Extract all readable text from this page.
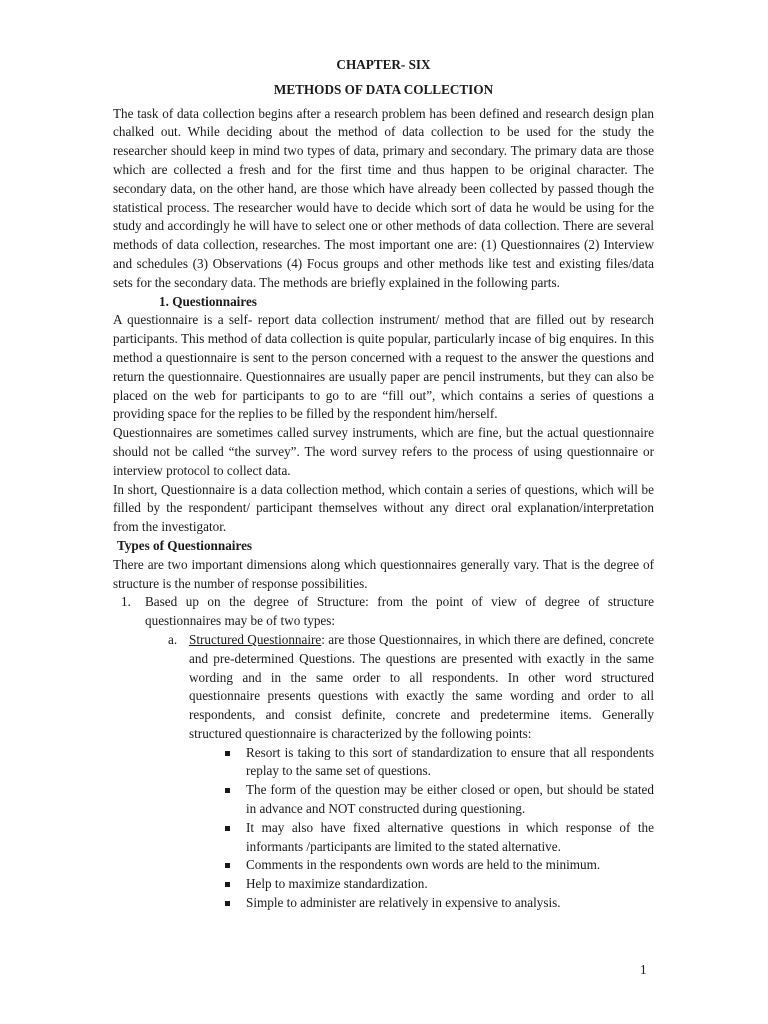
CHAPTER- SIX
METHODS OF DATA COLLECTION

The task of data collection begins after a research problem has been defined and research design plan chalked out. While deciding about the method of data collection to be used for the study the researcher should keep in mind two types of data, primary and secondary. The primary data are those which are collected a fresh and for the first time and thus happen to be original character. The secondary data, on the other hand, are those which have already been collected by passed though the statistical process. The researcher would have to decide which sort of data he would be using for the study and accordingly he will have to select one or other methods of data collection. There are several methods of data collection, researches. The most important one are: (1) Questionnaires (2) Interview and schedules (3) Observations (4) Focus groups and other methods like test and existing files/data sets for the secondary data. The methods are briefly explained in the following parts.

1. Questionnaires

A questionnaire is a self- report data collection instrument/ method that are filled out by research participants. This method of data collection is quite popular, particularly incase of big enquires. In this method a questionnaire is sent to the person concerned with a request to the answer the questions and return the questionnaire. Questionnaires are usually paper are pencil instruments, but they can also be placed on the web for participants to go to are “fill out”, which contains a series of questions a providing space for the replies to be filled by the respondent him/herself.

Questionnaires are sometimes called survey instruments, which are fine, but the actual questionnaire should not be called “the survey”. The word survey refers to the process of using questionnaire or interview protocol to collect data.

In short, Questionnaire is a data collection method, which contain a series of questions, which will be filled by the respondent/ participant themselves without any direct oral explanation/interpretation from the investigator.

Types of Questionnaires

There are two important dimensions along which questionnaires generally vary. That is the degree of structure is the number of response possibilities.

1. Based up on the degree of Structure: from the point of view of degree of structure questionnaires may be of two types:
a. Structured Questionnaire: are those Questionnaires, in which there are defined, concrete and pre-determined Questions. The questions are presented with exactly in the same wording and in the same order to all respondents. In other word structured questionnaire presents questions with exactly the same wording and order to all respondents, and consist definite, concrete and predetermine items. Generally structured questionnaire is characterized by the following points:
Resort is taking to this sort of standardization to ensure that all respondents replay to the same set of questions.
The form of the question may be either closed or open, but should be stated in advance and NOT constructed during questioning.
It may also have fixed alternative questions in which response of the informants /participants are limited to the stated alternative.
Comments in the respondents own words are held to the minimum.
Help to maximize standardization.
Simple to administer are relatively in expensive to analysis.
1
